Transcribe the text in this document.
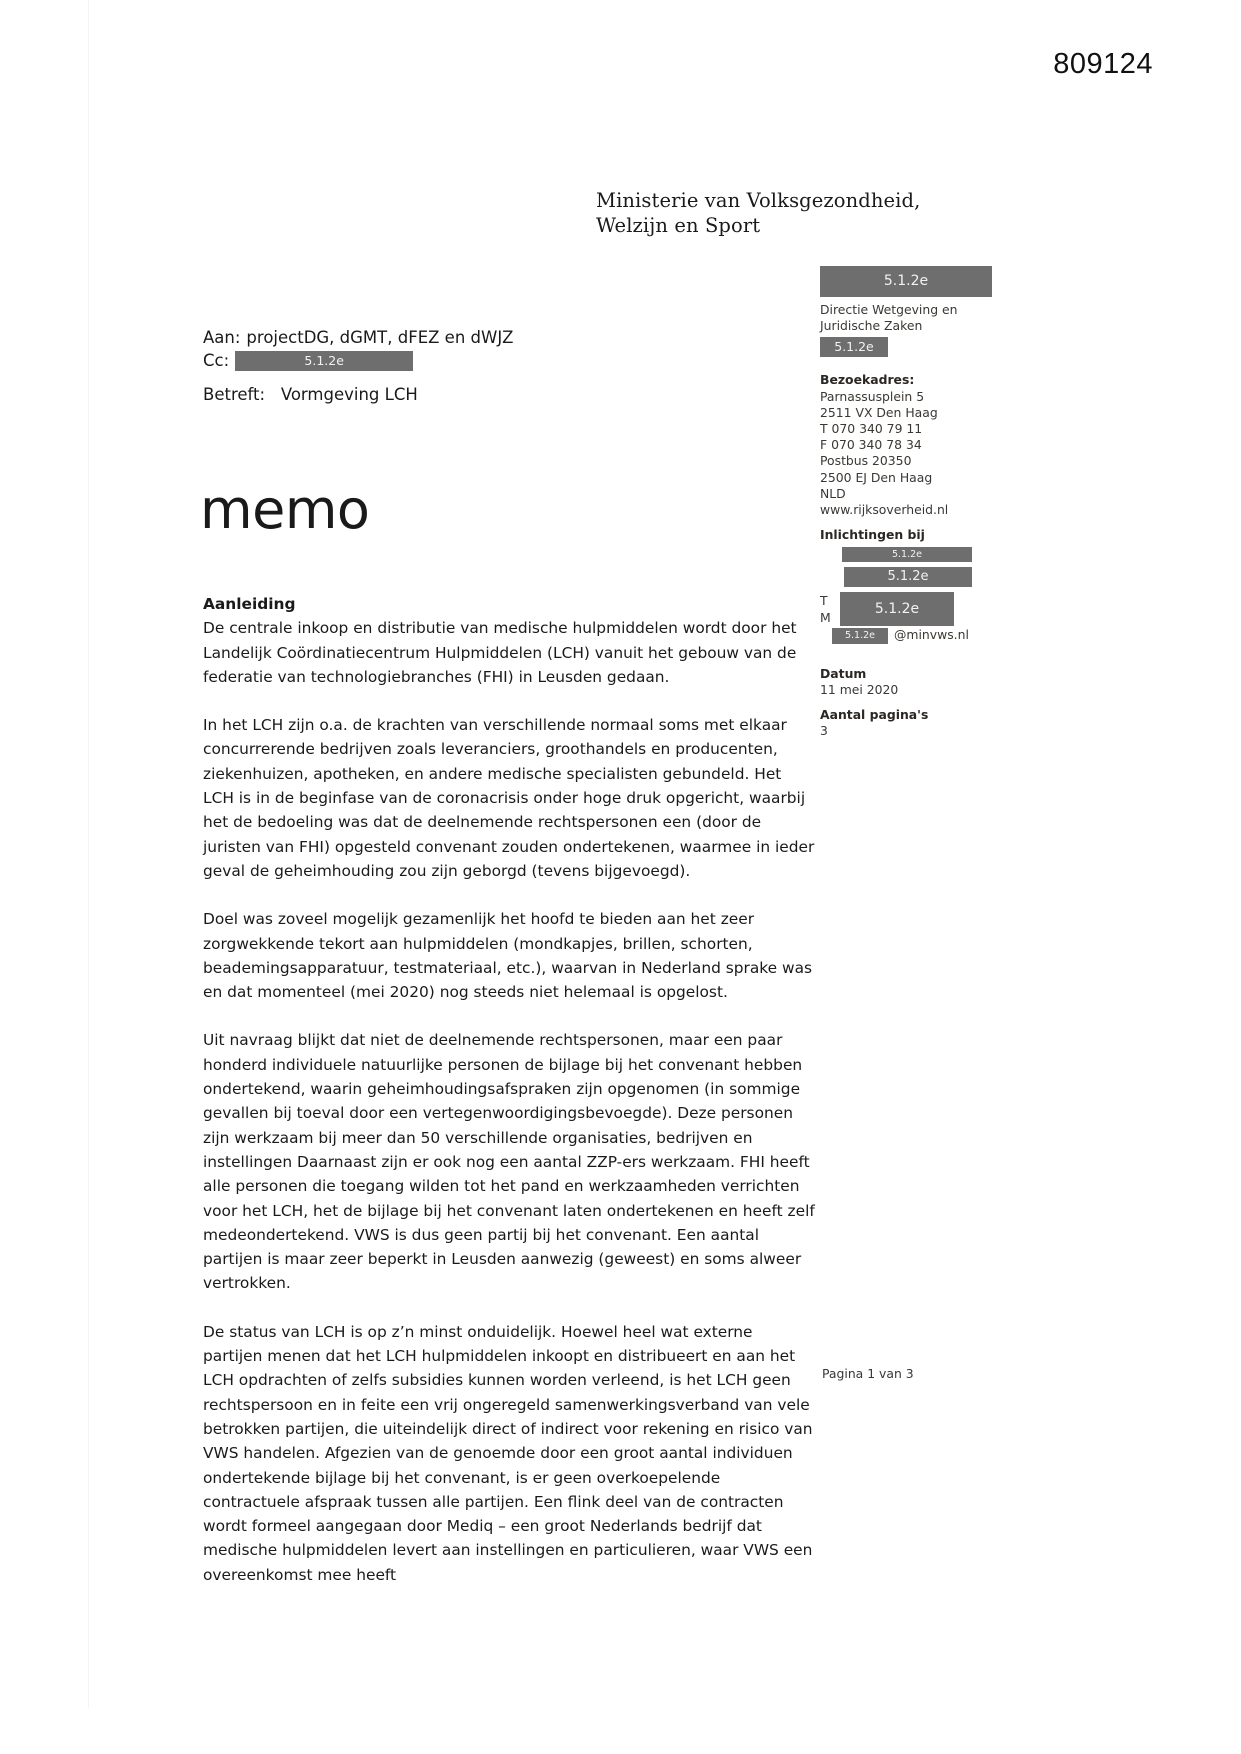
809124
Ministerie van Volksgezondheid,
Welzijn en Sport
5.1.2e
Directie Wetgeving en
Juridische Zaken
5.1.2e
Bezoekadres:
Parnassusplein 5
2511 VX Den Haag
T 070 340 79 11
F 070 340 78 34
Postbus 20350
2500 EJ Den Haag
NLD
www.rijksoverheid.nl
Inlichtingen bij
5.1.2e
5.1.2e
T
M
5.1.2e
5.1.2e	@minvws.nl
Datum
11 mei 2020
Aantal pagina's
3
Aan: projectDG, dGMT, dFEZ en dWJZ
Cc:	5.1.2e
Betreft: Vormgeving LCH
memo
Aanleiding

De centrale inkoop en distributie van medische hulpmiddelen wordt door het Landelijk Coördinatiecentrum Hulpmiddelen (LCH) vanuit het gebouw van de federatie van technologiebranches (FHI) in Leusden gedaan.

In het LCH zijn o.a. de krachten van verschillende normaal soms met elkaar concurrerende bedrijven zoals leveranciers, groothandels en producenten, ziekenhuizen, apotheken, en andere medische specialisten gebundeld. Het LCH is in de beginfase van de coronacrisis onder hoge druk opgericht, waarbij het de bedoeling was dat de deelnemende rechtspersonen een (door de juristen van FHI) opgesteld convenant zouden ondertekenen, waarmee in ieder geval de geheimhouding zou zijn geborgd (tevens bijgevoegd).

Doel was zoveel mogelijk gezamenlijk het hoofd te bieden aan het zeer zorgwekkende tekort aan hulpmiddelen (mondkapjes, brillen, schorten, beademingsapparatuur, testmateriaal, etc.), waarvan in Nederland sprake was en dat momenteel (mei 2020) nog steeds niet helemaal is opgelost.

Uit navraag blijkt dat niet de deelnemende rechtspersonen, maar een paar honderd individuele natuurlijke personen de bijlage bij het convenant hebben ondertekend, waarin geheimhoudingsafspraken zijn opgenomen (in sommige gevallen bij toeval door een vertegenwoordigingsbevoegde). Deze personen zijn werkzaam bij meer dan 50 verschillende organisaties, bedrijven en instellingen Daarnaast zijn er ook nog een aantal ZZP-ers werkzaam. FHI heeft alle personen die toegang wilden tot het pand en werkzaamheden verrichten voor het LCH, het de bijlage bij het convenant laten ondertekenen en heeft zelf medeondertekend. VWS is dus geen partij bij het convenant. Een aantal partijen is maar zeer beperkt in Leusden aanwezig (geweest) en soms alweer vertrokken.

De status van LCH is op z’n minst onduidelijk. Hoewel heel wat externe partijen menen dat het LCH hulpmiddelen inkoopt en distribueert en aan het LCH opdrachten of zelfs subsidies kunnen worden verleend, is het LCH geen rechtspersoon en in feite een vrij ongeregeld samenwerkingsverband van vele betrokken partijen, die uiteindelijk direct of indirect voor rekening en risico van VWS handelen. Afgezien van de genoemde door een groot aantal individuen ondertekende bijlage bij het convenant, is er geen overkoepelende contractuele afspraak tussen alle partijen. Een flink deel van de contracten wordt formeel aangegaan door Mediq – een groot Nederlands bedrijf dat medische hulpmiddelen levert aan instellingen en particulieren, waar VWS een overeenkomst mee heeft

Pagina 1 van 3
